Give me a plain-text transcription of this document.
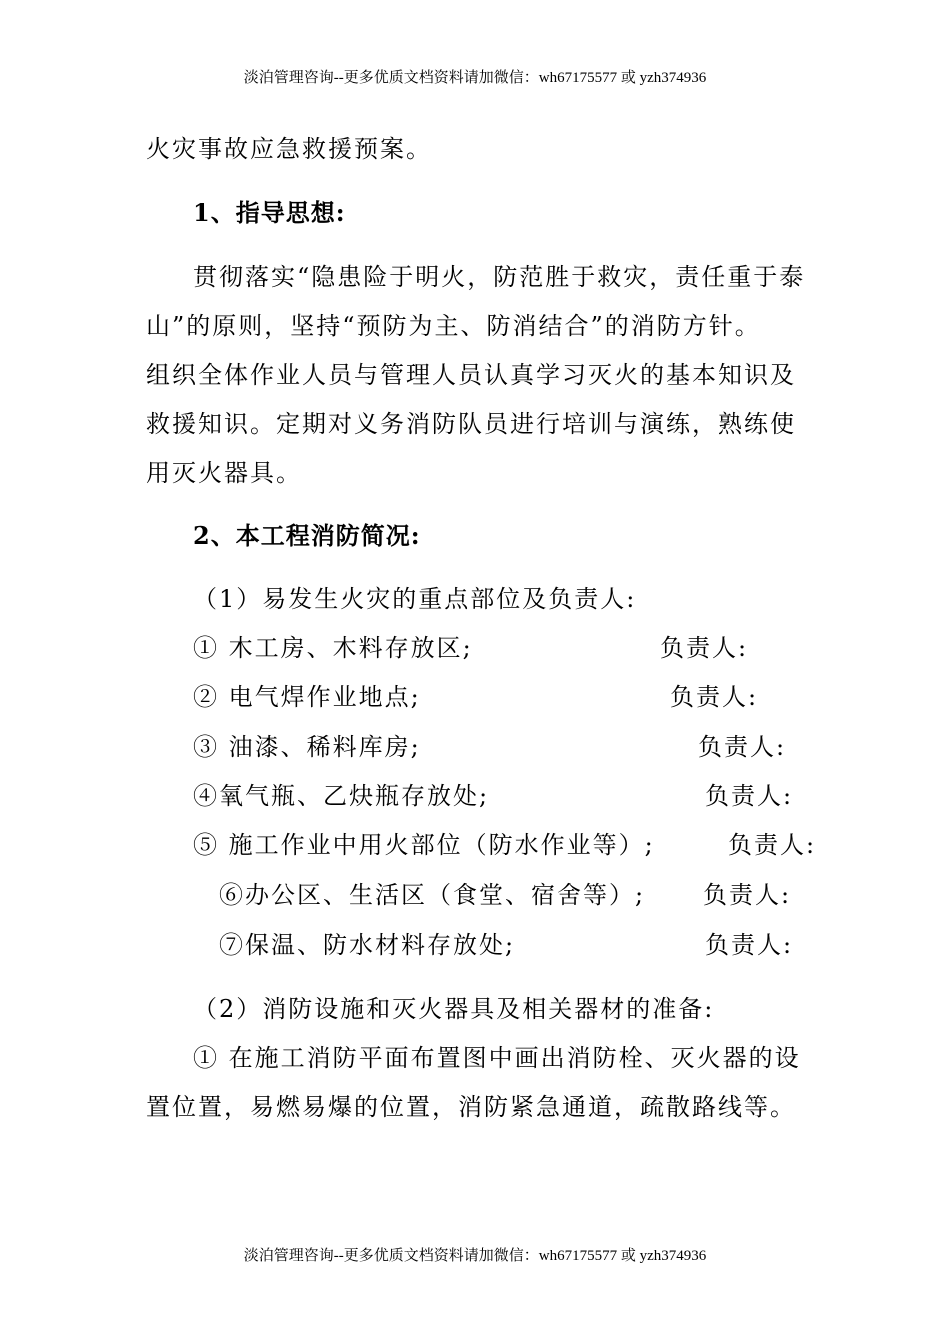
淡泊管理咨询--更多优质文档资料请加微信：wh67175577 或 yzh374936
火灾事故应急救援预案。
1、指导思想:
贯彻落实“隐患险于明火，防范胜于救灾，责任重于泰
山”的原则，坚持“预防为主、防消结合”的消防方针。
组织全体作业人员与管理人员认真学习灭火的基本知识及
救援知识。定期对义务消防队员进行培训与演练，熟练使
用灭火器具。
2、本工程消防简况:
（1）易发生火灾的重点部位及负责人:
① 木工房、木料存放区;	负责人:
② 电气焊作业地点;	负责人:
③ 油漆、稀料库房;	负责人:
④氧气瓶、乙炔瓶存放处;	负责人:
⑤ 施工作业中用火部位（防水作业等）;	负责人:
⑥办公区、生活区（食堂、宿舍等）; 负责人:
⑦保温、防水材料存放处;	负责人:
（2）消防设施和灭火器具及相关器材的准备:
① 在施工消防平面布置图中画出消防栓、灭火器的设
置位置，易燃易爆的位置，消防紧急通道，疏散路线等。
淡泊管理咨询--更多优质文档资料请加微信：wh67175577 或 yzh374936
